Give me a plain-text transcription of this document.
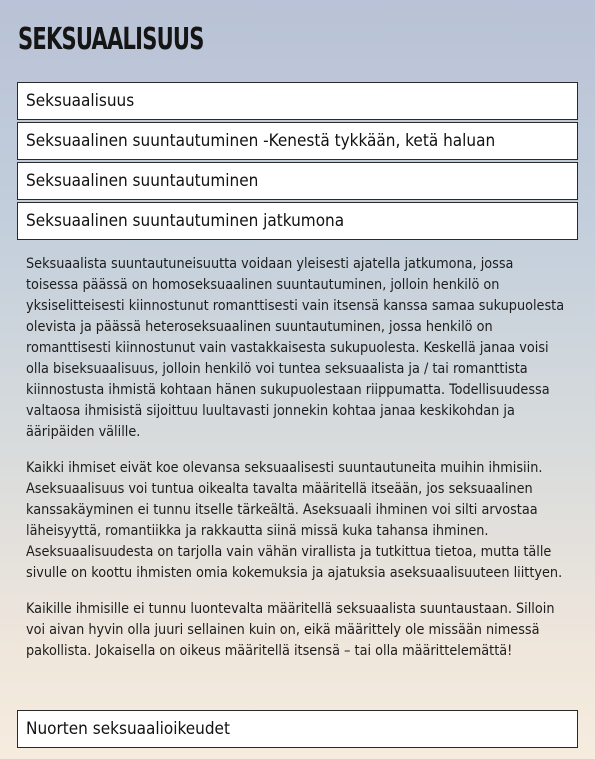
SEKSUAALISUUS
Seksuaalisuus
Seksuaalinen suuntautuminen -Kenestä tykkään, ketä haluan
Seksuaalinen suuntautuminen
Seksuaalinen suuntautuminen jatkumona

Seksuaalista suuntautuneisuutta voidaan yleisesti ajatella jatkumona, jossa toisessa päässä on homoseksuaalinen suuntautuminen, jolloin henkilö on yksiselitteisesti kiinnostunut romanttisesti vain itsensä kanssa samaa sukupuolesta olevista ja päässä heteroseksuaalinen suuntautuminen, jossa henkilö on romanttisesti kiinnostunut vain vastakkaisesta sukupuolesta. Keskellä janaa voisi olla biseksuaalisuus, jolloin henkilö voi tuntea seksuaalista ja / tai romanttista kiinnostusta ihmistä kohtaan hänen sukupuolestaan riippumatta. Todellisuudessa valtaosa ihmisistä sijoittuu luultavasti jonnekin kohtaa janaa keskikohdan ja ääripäiden välille.

Kaikki ihmiset eivät koe olevansa seksuaalisesti suuntautuneita muihin ihmisiin. Aseksuaalisuus voi tuntua oikealta tavalta määritellä itseään, jos seksuaalinen kanssakäyminen ei tunnu itselle tärkeältä. Aseksuaali ihminen voi silti arvostaa läheisyyttä, romantiikka ja rakkautta siinä missä kuka tahansa ihminen. Aseksuaalisuudesta on tarjolla vain vähän virallista ja tutkittua tietoa, mutta tälle sivulle on koottu ihmisten omia kokemuksia ja ajatuksia aseksuaalisuuteen liittyen.

Kaikille ihmisille ei tunnu luontevalta määritellä seksuaalista suuntaustaan. Silloin voi aivan hyvin olla juuri sellainen kuin on, eikä määrittely ole missään nimessä pakollista. Jokaisella on oikeus määritellä itsensä – tai olla määrittelemättä!

Nuorten seksuaalioikeudet
